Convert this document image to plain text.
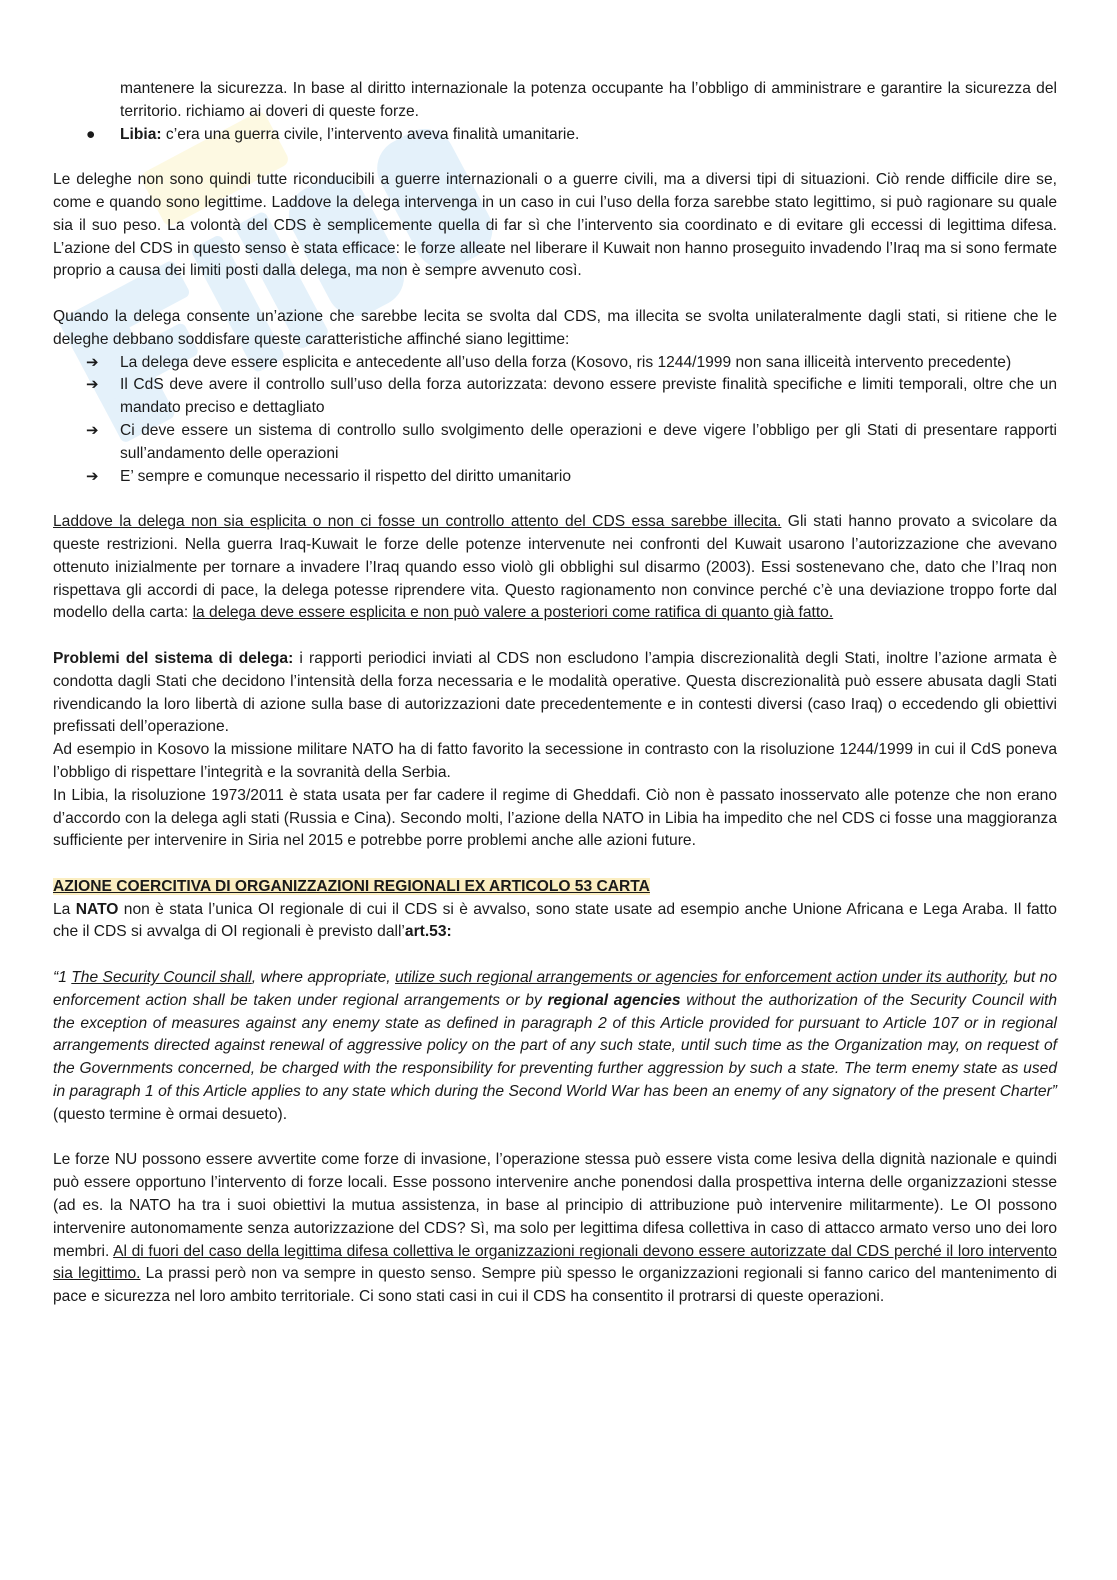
mantenere la sicurezza. In base al diritto internazionale la potenza occupante ha l’obbligo di amministrare e garantire la sicurezza del territorio. richiamo ai doveri di queste forze.

● Libia: c’era una guerra civile, l’intervento aveva finalità umanitarie.

Le deleghe non sono quindi tutte riconducibili a guerre internazionali o a guerre civili, ma a diversi tipi di situazioni. Ciò rende difficile dire se, come e quando sono legittime. Laddove la delega intervenga in un caso in cui l’uso della forza sarebbe stato legittimo, si può ragionare su quale sia il suo peso. La volontà del CDS è semplicemente quella di far sì che l’intervento sia coordinato e di evitare gli eccessi di legittima difesa. L’azione del CDS in questo senso è stata efficace: le forze alleate nel liberare il Kuwait non hanno proseguito invadendo l’Iraq ma si sono fermate proprio a causa dei limiti posti dalla delega, ma non è sempre avvenuto così.

Quando la delega consente un’azione che sarebbe lecita se svolta dal CDS, ma illecita se svolta unilateralmente dagli stati, si ritiene che le deleghe debbano soddisfare queste caratteristiche affinché siano legittime:

➔ La delega deve essere esplicita e antecedente all’uso della forza (Kosovo, ris 1244/1999 non sana illiceità intervento precedente)
➔ Il CdS deve avere il controllo sull’uso della forza autorizzata: devono essere previste finalità specifiche e limiti temporali, oltre che un mandato preciso e dettagliato
➔ Ci deve essere un sistema di controllo sullo svolgimento delle operazioni e deve vigere l’obbligo per gli Stati di presentare rapporti sull’andamento delle operazioni
➔ E’ sempre e comunque necessario il rispetto del diritto umanitario

Laddove la delega non sia esplicita o non ci fosse un controllo attento del CDS essa sarebbe illecita. Gli stati hanno provato a svicolare da queste restrizioni. Nella guerra Iraq-Kuwait le forze delle potenze intervenute nei confronti del Kuwait usarono l’autorizzazione che avevano ottenuto inizialmente per tornare a invadere l’Iraq quando esso violò gli obblighi sul disarmo (2003). Essi sostenevano che, dato che l’Iraq non rispettava gli accordi di pace, la delega potesse riprendere vita. Questo ragionamento non convince perché c’è una deviazione troppo forte dal modello della carta: la delega deve essere esplicita e non può valere a posteriori come ratifica di quanto già fatto.

Problemi del sistema di delega: i rapporti periodici inviati al CDS non escludono l’ampia discrezionalità degli Stati, inoltre l’azione armata è condotta dagli Stati che decidono l’intensità della forza necessaria e le modalità operative. Questa discrezionalità può essere abusata dagli Stati rivendicando la loro libertà di azione sulla base di autorizzazioni date precedentemente e in contesti diversi (caso Iraq) o eccedendo gli obiettivi prefissati dell’operazione.

Ad esempio in Kosovo la missione militare NATO ha di fatto favorito la secessione in contrasto con la risoluzione 1244/1999 in cui il CdS poneva l’obbligo di rispettare l’integrità e la sovranità della Serbia.

In Libia, la risoluzione 1973/2011 è stata usata per far cadere il regime di Gheddafi. Ciò non è passato inosservato alle potenze che non erano d’accordo con la delega agli stati (Russia e Cina). Secondo molti, l’azione della NATO in Libia ha impedito che nel CDS ci fosse una maggioranza sufficiente per intervenire in Siria nel 2015 e potrebbe porre problemi anche alle azioni future.

AZIONE COERCITIVA DI ORGANIZZAZIONI REGIONALI EX ARTICOLO 53 CARTA

La NATO non è stata l’unica OI regionale di cui il CDS si è avvalso, sono state usate ad esempio anche Unione Africana e Lega Araba. Il fatto che il CDS si avvalga di OI regionali è previsto dall’art.53:

“1 The Security Council shall, where appropriate, utilize such regional arrangements or agencies for enforcement action under its authority, but no enforcement action shall be taken under regional arrangements or by regional agencies without the authorization of the Security Council with the exception of measures against any enemy state as defined in paragraph 2 of this Article provided for pursuant to Article 107 or in regional arrangements directed against renewal of aggressive policy on the part of any such state, until such time as the Organization may, on request of the Governments concerned, be charged with the responsibility for preventing further aggression by such a state. The term enemy state as used in paragraph 1 of this Article applies to any state which during the Second World War has been an enemy of any signatory of the present Charter” (questo termine è ormai desueto).

Le forze NU possono essere avvertite come forze di invasione, l’operazione stessa può essere vista come lesiva della dignità nazionale e quindi può essere opportuno l’intervento di forze locali. Esse possono intervenire anche ponendosi dalla prospettiva interna delle organizzazioni stesse (ad es. la NATO ha tra i suoi obiettivi la mutua assistenza, in base al principio di attribuzione può intervenire militarmente). Le OI possono intervenire autonomamente senza autorizzazione del CDS? Sì, ma solo per legittima difesa collettiva in caso di attacco armato verso uno dei loro membri. Al di fuori del caso della legittima difesa collettiva le organizzazioni regionali devono essere autorizzate dal CDS perché il loro intervento sia legittimo. La prassi però non va sempre in questo senso. Sempre più spesso le organizzazioni regionali si fanno carico del mantenimento di pace e sicurezza nel loro ambito territoriale. Ci sono stati casi in cui il CDS ha consentito il protrarsi di queste operazioni.
